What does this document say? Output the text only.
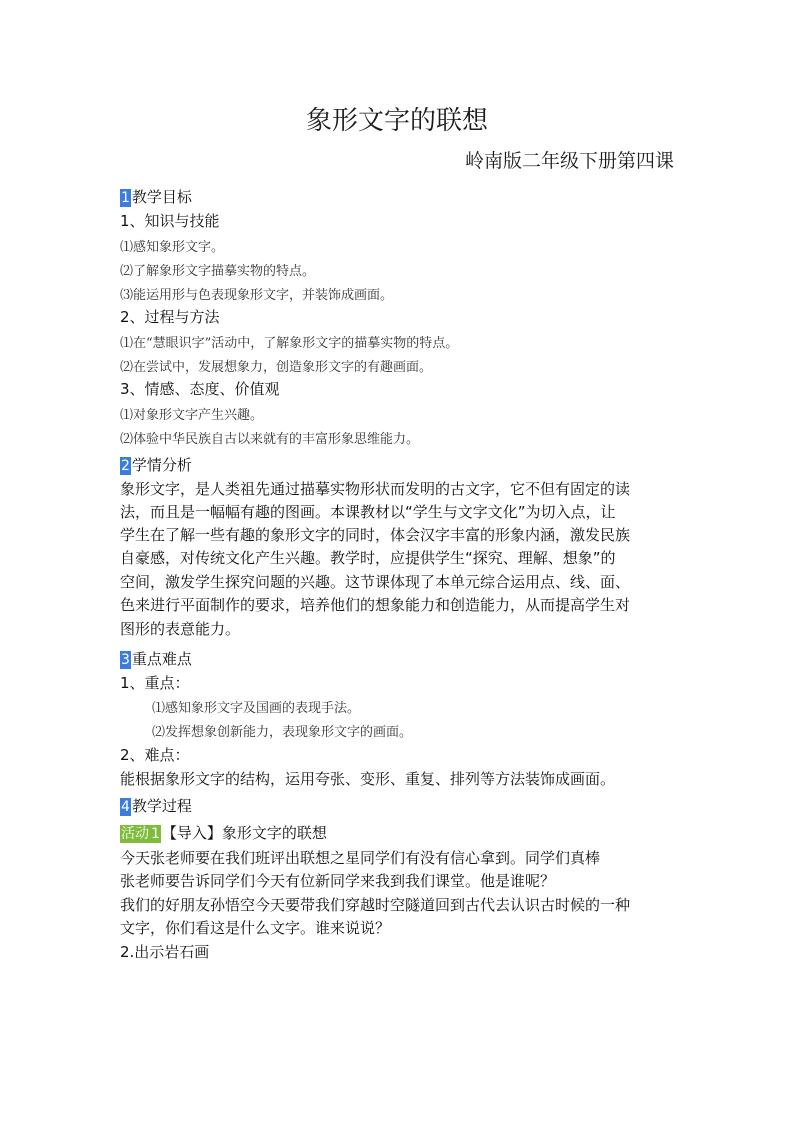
象形文字的联想
岭南版二年级下册第四课
1 教学目标
1、知识与技能
⑴感知象形文字。
⑵了解象形文字描摹实物的特点。
⑶能运用形与色表现象形文字，并装饰成画面。
2、过程与方法
⑴在“慧眼识字”活动中，了解象形文字的描摹实物的特点。
⑵在尝试中，发展想象力，创造象形文字的有趣画面。
3、情感、态度、价值观
⑴对象形文字产生兴趣。
⑵体验中华民族自古以来就有的丰富形象思维能力。
2 学情分析
象形文字，是人类祖先通过描摹实物形状而发明的古文字，它不但有固定的读
法，而且是一幅幅有趣的图画。本课教材以“学生与文字文化”为切入点，让
学生在了解一些有趣的象形文字的同时，体会汉字丰富的形象内涵，激发民族
自豪感，对传统文化产生兴趣。教学时，应提供学生“探究、理解、想象”的
空间，激发学生探究问题的兴趣。这节课体现了本单元综合运用点、线、面、
色来进行平面制作的要求，培养他们的想象能力和创造能力，从而提高学生对
图形的表意能力。
3 重点难点
1、重点：
⑴感知象形文字及国画的表现手法。
⑵发挥想象创新能力，表现象形文字的画面。
2、难点：
能根据象形文字的结构，运用夸张、变形、重复、排列等方法装饰成画面。
4 教学过程
活动 1 【导入】象形文字的联想
今天张老师要在我们班评出联想之星同学们有没有信心拿到。同学们真棒
张老师要告诉同学们今天有位新同学来我到我们课堂。他是谁呢？
我们的好朋友孙悟空今天要带我们穿越时空隧道回到古代去认识古时候的一种
文字，你们看这是什么文字。谁来说说？
2.出示岩石画
